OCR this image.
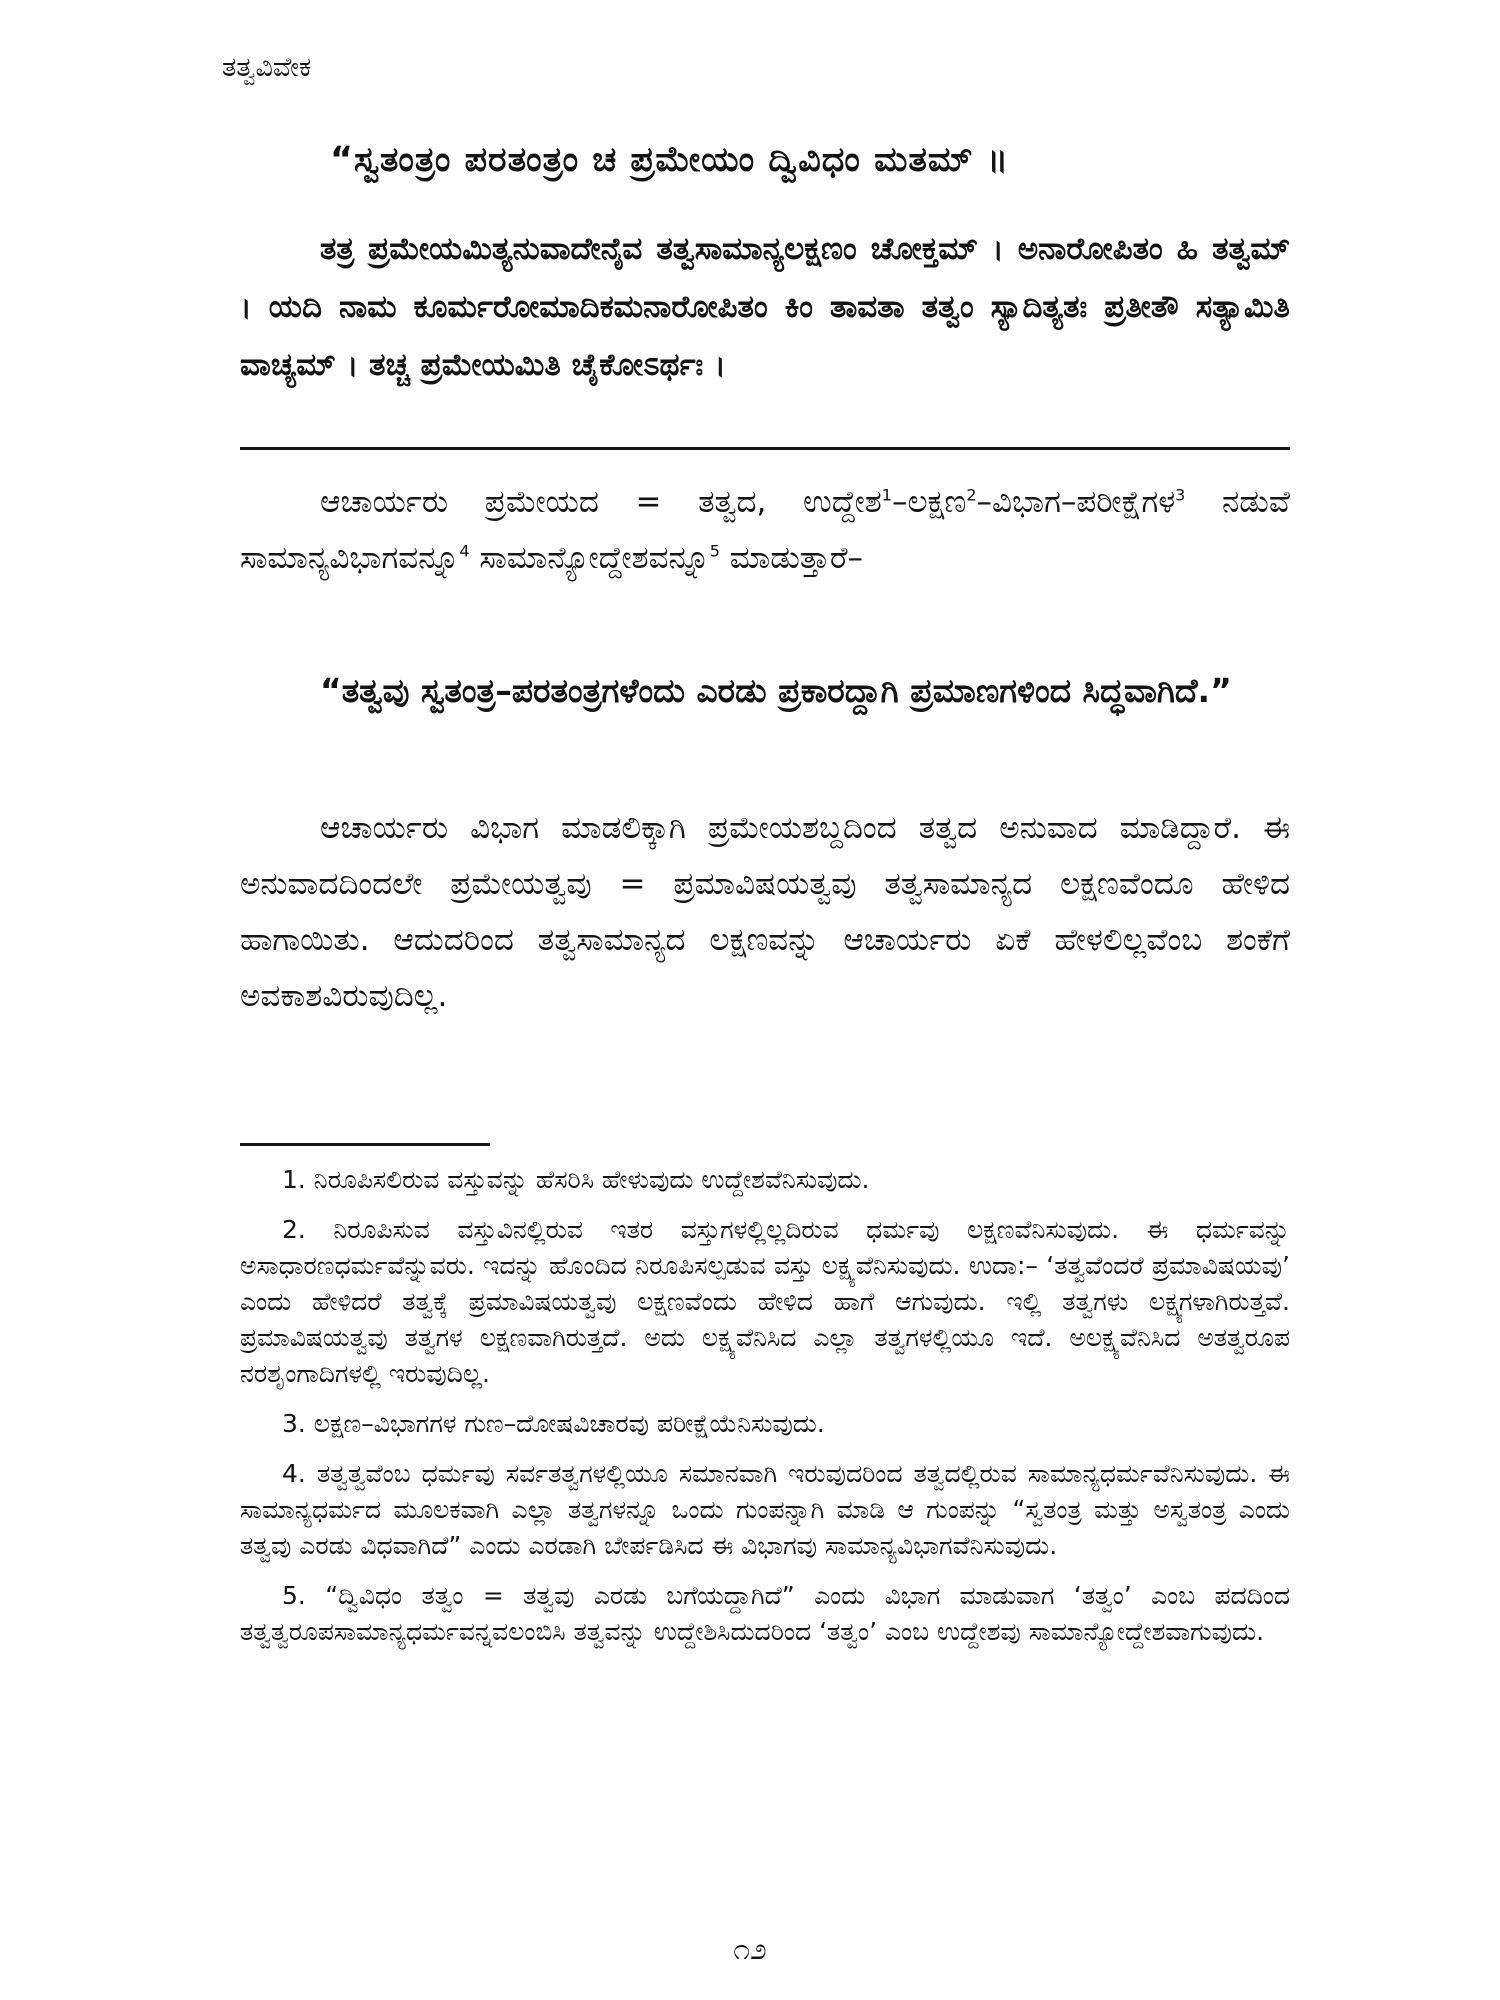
ತತ್ವವಿವೇಕ
“ಸ್ವತಂತ್ರಂ ಪರತಂತ್ರಂ ಚ ಪ್ರಮೇಯಂ ದ್ವಿವಿಧಂ ಮತಮ್ ॥
ತತ್ರ ಪ್ರಮೇಯಮಿತ್ಯನುವಾದೇನೈವ ತತ್ವಸಾಮಾನ್ಯಲಕ್ಷಣಂ ಚೋಕ್ತಮ್ । ಅನಾರೋಪಿತಂ ಹಿ ತತ್ವಮ್ । ಯದಿ ನಾಮ ಕೂರ್ಮರೋಮಾದಿಕಮನಾರೋಪಿತಂ ಕಿಂ ತಾವತಾ ತತ್ವಂ ಸ್ಯಾದಿತ್ಯತಃ ಪ್ರತೀತೌ ಸತ್ಯಾಮಿತಿ ವಾಚ್ಯಮ್ । ತಚ್ಚ ಪ್ರಮೇಯಮಿತಿ ಚೈಕೋಽರ್ಥಃ ।
ಆಚಾರ್ಯರು ಪ್ರಮೇಯದ = ತತ್ವದ, ಉದ್ದೇಶ$^1$–ಲಕ್ಷಣ$^2$–ವಿಭಾಗ–ಪರೀಕ್ಷೆಗಳ$^3$ ನಡುವೆ ಸಾಮಾನ್ಯವಿಭಾಗವನ್ನೂ$^4$ ಸಾಮಾನ್ಯೋದ್ದೇಶವನ್ನೂ$^5$ ಮಾಡುತ್ತಾರೆ–
“ತತ್ವವು ಸ್ವತಂತ್ರ–ಪರತಂತ್ರಗಳೆಂದು ಎರಡು ಪ್ರಕಾರದ್ದಾಗಿ ಪ್ರಮಾಣಗಳಿಂದ ಸಿದ್ಧವಾಗಿದೆ.”
ಆಚಾರ್ಯರು ವಿಭಾಗ ಮಾಡಲಿಕ್ಕಾಗಿ ಪ್ರಮೇಯಶಬ್ದದಿಂದ ತತ್ವದ ಅನುವಾದ ಮಾಡಿದ್ದಾರೆ. ಈ ಅನುವಾದದಿಂದಲೇ ಪ್ರಮೇಯತ್ವವು = ಪ್ರಮಾವಿಷಯತ್ವವು ತತ್ವಸಾಮಾನ್ಯದ ಲಕ್ಷಣವೆಂದೂ ಹೇಳಿದ ಹಾಗಾಯಿತು. ಆದುದರಿಂದ ತತ್ವಸಾಮಾನ್ಯದ ಲಕ್ಷಣವನ್ನು ಆಚಾರ್ಯರು ಏಕೆ ಹೇಳಲಿಲ್ಲವೆಂಬ ಶಂಕೆಗೆ ಅವಕಾಶವಿರುವುದಿಲ್ಲ.

1. ನಿರೂಪಿಸಲಿರುವ ವಸ್ತುವನ್ನು ಹೆಸರಿಸಿ ಹೇಳುವುದು ಉದ್ದೇಶವೆನಿಸುವುದು.

2. ನಿರೂಪಿಸುವ ವಸ್ತುವಿನಲ್ಲಿರುವ ಇತರ ವಸ್ತುಗಳಲ್ಲಿಲ್ಲದಿರುವ ಧರ್ಮವು ಲಕ್ಷಣವೆನಿಸುವುದು. ಈ ಧರ್ಮವನ್ನು ಅಸಾಧಾರಣಧರ್ಮವೆನ್ನುವರು. ಇದನ್ನು ಹೊಂದಿದ ನಿರೂಪಿಸಲ್ಪಡುವ ವಸ್ತು ಲಕ್ಷ್ಯವೆನಿಸುವುದು. ಉದಾ:– ‘ತತ್ವವೆಂದರೆ ಪ್ರಮಾವಿಷಯವು’ ಎಂದು ಹೇಳಿದರೆ ತತ್ವಕ್ಕೆ ಪ್ರಮಾವಿಷಯತ್ವವು ಲಕ್ಷಣವೆಂದು ಹೇಳಿದ ಹಾಗೆ ಆಗುವುದು. ಇಲ್ಲಿ ತತ್ವಗಳು ಲಕ್ಷ್ಯಗಳಾಗಿರುತ್ತವೆ. ಪ್ರಮಾವಿಷಯತ್ವವು ತತ್ವಗಳ ಲಕ್ಷಣವಾಗಿರುತ್ತದೆ. ಅದು ಲಕ್ಷ್ಯವೆನಿಸಿದ ಎಲ್ಲಾ ತತ್ವಗಳಲ್ಲಿಯೂ ಇದೆ. ಅಲಕ್ಷ್ಯವೆನಿಸಿದ ಅತತ್ವರೂಪ ನರಶೃಂಗಾದಿಗಳಲ್ಲಿ ಇರುವುದಿಲ್ಲ.

3. ಲಕ್ಷಣ–ವಿಭಾಗಗಳ ಗುಣ–ದೋಷವಿಚಾರವು ಪರೀಕ್ಷೆಯೆನಿಸುವುದು.

4. ತತ್ವತ್ವವೆಂಬ ಧರ್ಮವು ಸರ್ವತತ್ವಗಳಲ್ಲಿಯೂ ಸಮಾನವಾಗಿ ಇರುವುದರಿಂದ ತತ್ವದಲ್ಲಿರುವ ಸಾಮಾನ್ಯಧರ್ಮವೆನಿಸುವುದು. ಈ ಸಾಮಾನ್ಯಧರ್ಮದ ಮೂಲಕವಾಗಿ ಎಲ್ಲಾ ತತ್ವಗಳನ್ನೂ ಒಂದು ಗುಂಪನ್ನಾಗಿ ಮಾಡಿ ಆ ಗುಂಪನ್ನು “ಸ್ವತಂತ್ರ ಮತ್ತು ಅಸ್ವತಂತ್ರ ಎಂದು ತತ್ವವು ಎರಡು ವಿಧವಾಗಿದೆ” ಎಂದು ಎರಡಾಗಿ ಬೇರ್ಪಡಿಸಿದ ಈ ವಿಭಾಗವು ಸಾಮಾನ್ಯವಿಭಾಗವೆನಿಸುವುದು.

5. “ದ್ವಿವಿಧಂ ತತ್ವಂ = ತತ್ವವು ಎರಡು ಬಗೆಯದ್ದಾಗಿದೆ” ಎಂದು ವಿಭಾಗ ಮಾಡುವಾಗ ‘ತತ್ವಂ’ ಎಂಬ ಪದದಿಂದ ತತ್ವತ್ವರೂಪಸಾಮಾನ್ಯಧರ್ಮವನ್ನವಲಂಬಿಸಿ ತತ್ವವನ್ನು ಉದ್ದೇಶಿಸಿದುದರಿಂದ ‘ತತ್ವಂ’ ಎಂಬ ಉದ್ದೇಶವು ಸಾಮಾನ್ಯೋದ್ದೇಶವಾಗುವುದು.

೧೨
